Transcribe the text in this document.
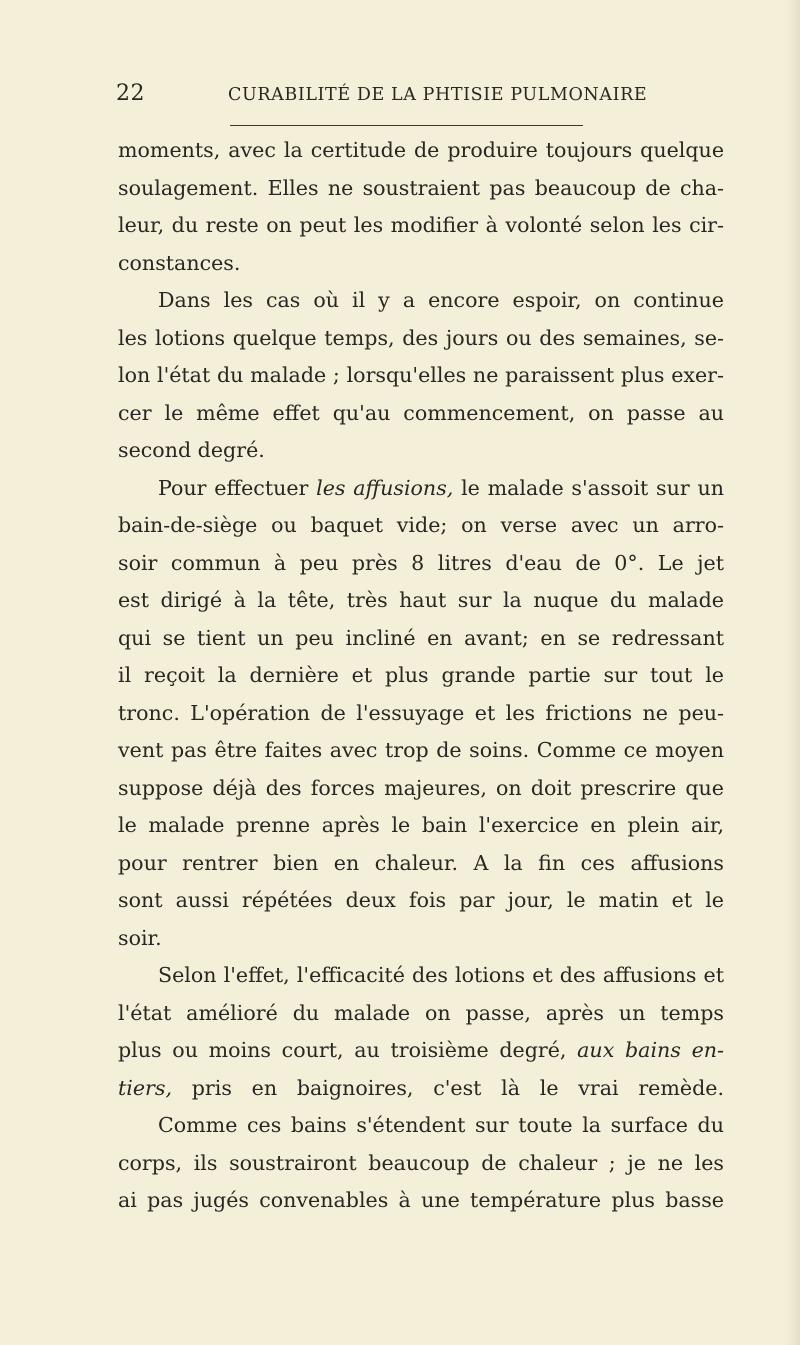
22	CURABILITÉ DE LA PHTISIE PULMONAIRE
moments, avec la certitude de produire toujours quelque
soulagement. Elles ne soustraient pas beaucoup de cha-
leur, du reste on peut les modifier à volonté selon les cir-
constances.
Dans les cas où il y a encore espoir, on continue
les lotions quelque temps, des jours ou des semaines, se-
lon l'état du malade ; lorsqu'elles ne paraissent plus exer-
cer le même effet qu'au commencement, on passe au
second degré.
Pour effectuer les affusions, le malade s'assoit sur un
bain-de-siège ou baquet vide; on verse avec un arro-
soir commun à peu près 8 litres d'eau de 0°. Le jet
est dirigé à la tête, très haut sur la nuque du malade
qui se tient un peu incliné en avant; en se redressant
il reçoit la dernière et plus grande partie sur tout le
tronc. L'opération de l'essuyage et les frictions ne peu-
vent pas être faites avec trop de soins. Comme ce moyen
suppose déjà des forces majeures, on doit prescrire que
le malade prenne après le bain l'exercice en plein air,
pour rentrer bien en chaleur. A la fin ces affusions
sont aussi répétées deux fois par jour, le matin et le
soir.
Selon l'effet, l'efficacité des lotions et des affusions et
l'état amélioré du malade on passe, après un temps
plus ou moins court, au troisième degré, aux bains en-
tiers, pris en baignoires, c'est là le vrai remède.
Comme ces bains s'étendent sur toute la surface du
corps, ils soustrairont beaucoup de chaleur ; je ne les
ai pas jugés convenables à une température plus basse
